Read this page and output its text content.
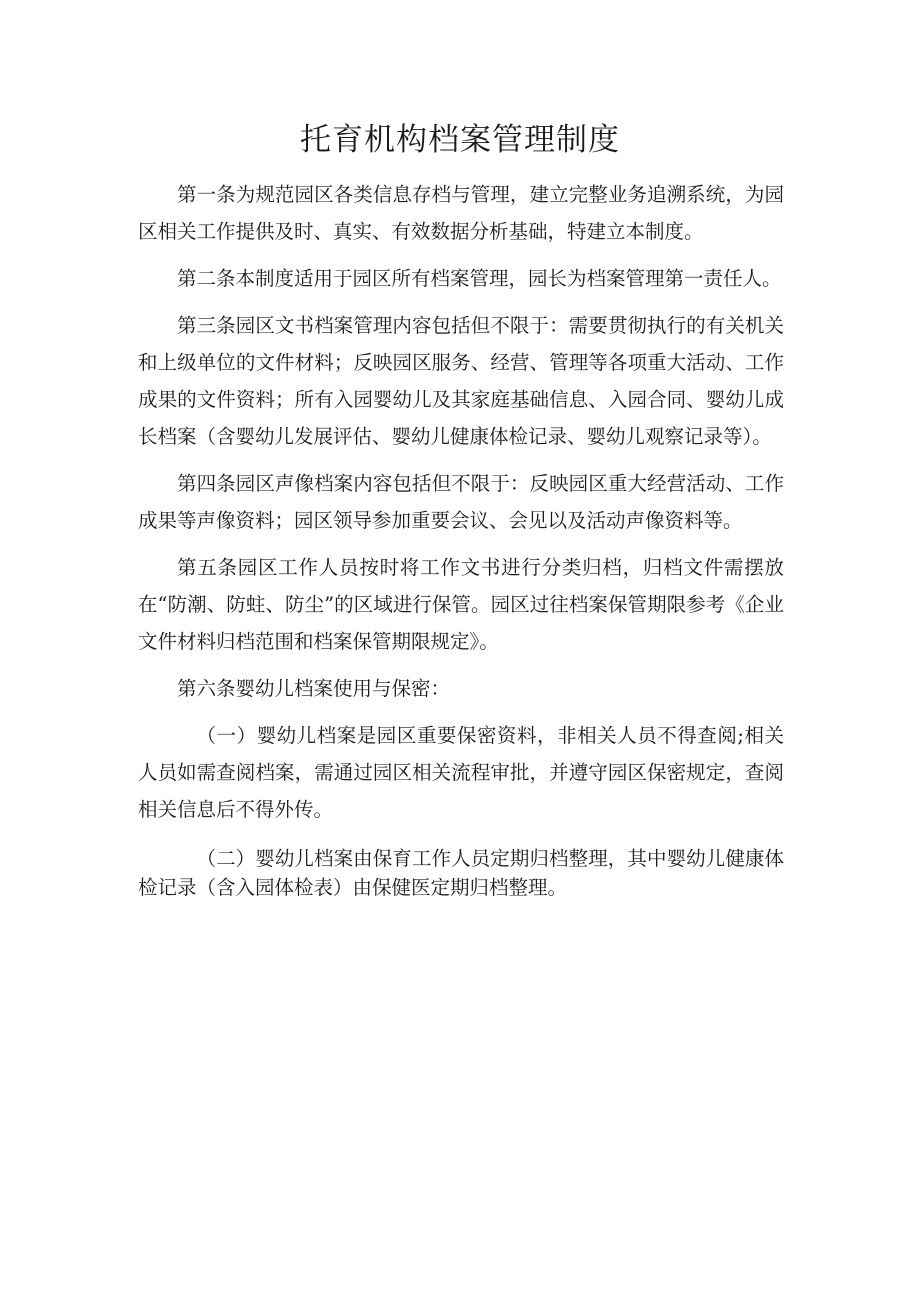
托育机构档案管理制度

第一条为规范园区各类信息存档与管理，建立完整业务追溯系统，为园区相关工作提供及时、真实、有效数据分析基础，特建立本制度。

第二条本制度适用于园区所有档案管理，园长为档案管理第一责任人。

第三条园区文书档案管理内容包括但不限于：需要贯彻执行的有关机关和上级单位的文件材料；反映园区服务、经营、管理等各项重大活动、工作成果的文件资料；所有入园婴幼儿及其家庭基础信息、入园合同、婴幼儿成长档案（含婴幼儿发展评估、婴幼儿健康体检记录、婴幼儿观察记录等）。

第四条园区声像档案内容包括但不限于：反映园区重大经营活动、工作成果等声像资料；园区领导参加重要会议、会见以及活动声像资料等。

第五条园区工作人员按时将工作文书进行分类归档，归档文件需摆放在“防潮、防蛀、防尘”的区域进行保管。园区过往档案保管期限参考《企业文件材料归档范围和档案保管期限规定》。

第六条婴幼儿档案使用与保密：

（一）婴幼儿档案是园区重要保密资料，非相关人员不得查阅;相关人员如需查阅档案，需通过园区相关流程审批，并遵守园区保密规定，查阅相关信息后不得外传。

（二）婴幼儿档案由保育工作人员定期归档整理，其中婴幼儿健康体检记录（含入园体检表）由保健医定期归档整理。
